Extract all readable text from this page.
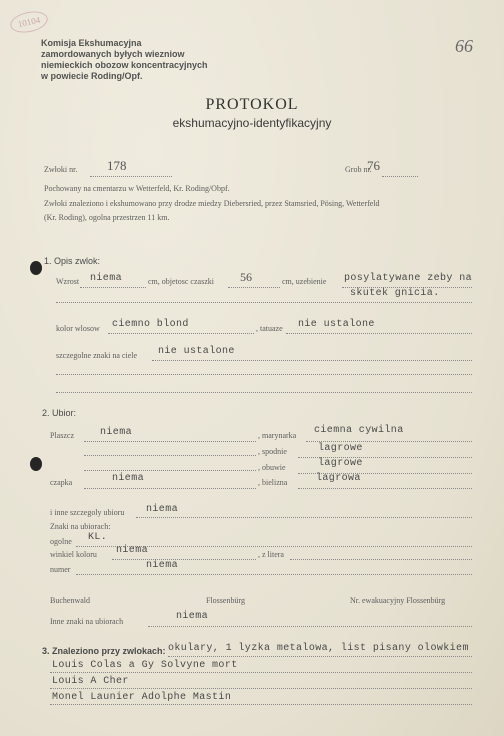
10104
Komisja Ekshumacyjna
zamordowanych byłych wiezniow
niemieckich obozow koncentracyjnych
w powiecie Roding/Opf.
66
PROTOKOL
ekshumacyjno-identyfikacyjny
Zwłoki nr. 178	Grob nr.
76
Pochowany na cmentarzu w Wetterfeld, Kr. Roding/Obpf.
Zwłoki znaleziono i ekshumowano przy drodze miedzy Diebersried, przez Stamsried, Pösing, Wetterfeld
(Kr. Roding), ogolna przestrzen 11 km.
1. Opis zwlok:
Wzrost niema	cm, objetosc czaszki 56	cm, uzebienie posylatywane zeby na
skutek gnicia.
kolor wlosow ciemno blond	, tatuaze nie ustalone
szczegolne znaki na ciele nie ustalone
2. Ubior:
Plaszcz	niema	, marynarka ciemna cywilna
, spodnie	lagrowe
, obuwie	lagrowe
czapka	niema	, bielizna	lagrowa
i inne szczegoly ubioru niema
Znaki na ubiorach:
ogolne KL.
winkiel koloru niema	, z litera
numer	niema
Buchenwald	Flossenbürg	Nr. ewakuacyjny Flossenbürg
Inne znaki na ubiorach	niema
3. Znaleziono przy zwlokach: okulary, 1 lyzka metalowa, list pisany olowkiem
Louis Colas a Gy Solvyne mort
Louis A Cher
Monel Launier Adolphe Mastin
